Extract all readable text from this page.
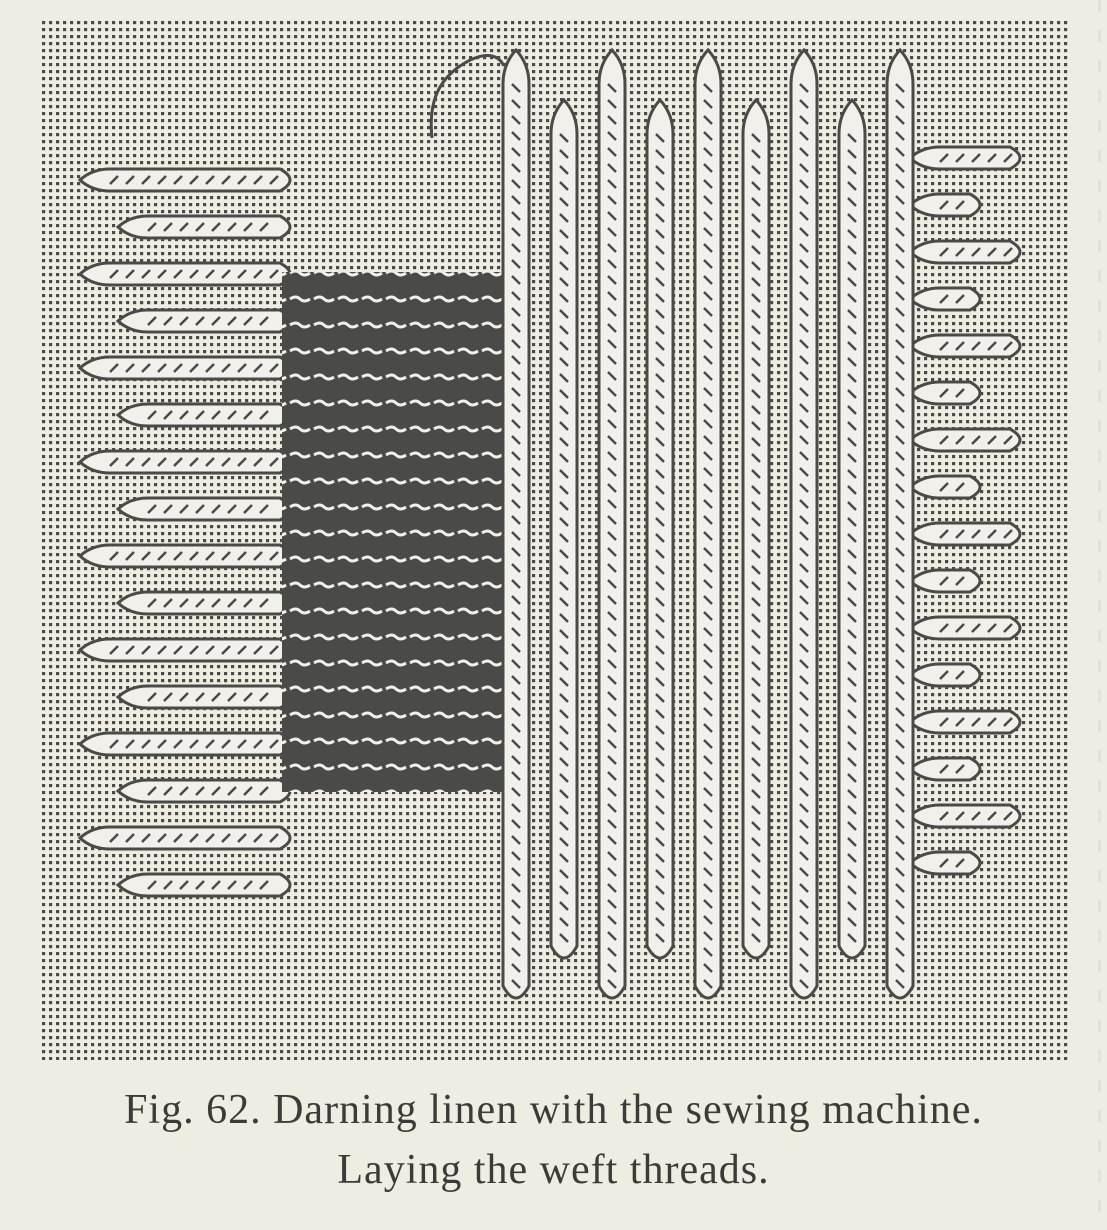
Fig. 62. Darning linen with the sewing machine.
Laying the weft threads.
